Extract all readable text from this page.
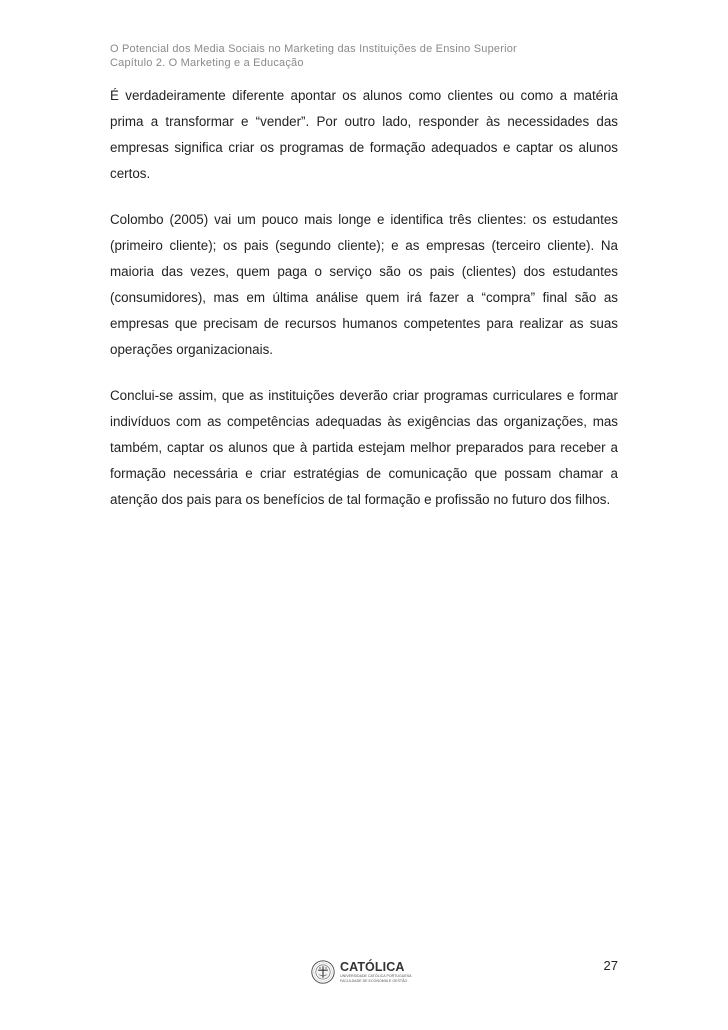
O Potencial dos Media Sociais no Marketing das Instituições de Ensino Superior
Capítulo 2. O Marketing e a Educação

É verdadeiramente diferente apontar os alunos como clientes ou como a matéria prima a transformar e “vender”. Por outro lado, responder às necessidades das empresas significa criar os programas de formação adequados e captar os alunos certos.

Colombo (2005) vai um pouco mais longe e identifica três clientes: os estudantes (primeiro cliente); os pais (segundo cliente); e as empresas (terceiro cliente). Na maioria das vezes, quem paga o serviço são os pais (clientes) dos estudantes (consumidores), mas em última análise quem irá fazer a “compra” final são as empresas que precisam de recursos humanos competentes para realizar as suas operações organizacionais.

Conclui-se assim, que as instituições deverão criar programas curriculares e formar indivíduos com as competências adequadas às exigências das organizações, mas também, captar os alunos que à partida estejam melhor preparados para receber a formação necessária e criar estratégias de comunicação que possam chamar a atenção dos pais para os benefícios de tal formação e profissão no futuro dos filhos.

CATÓLICA
UNIVERSIDADE CATÓLICA PORTUGUESA
FACULDADE DE ECONOMIA E GESTÃO
27
